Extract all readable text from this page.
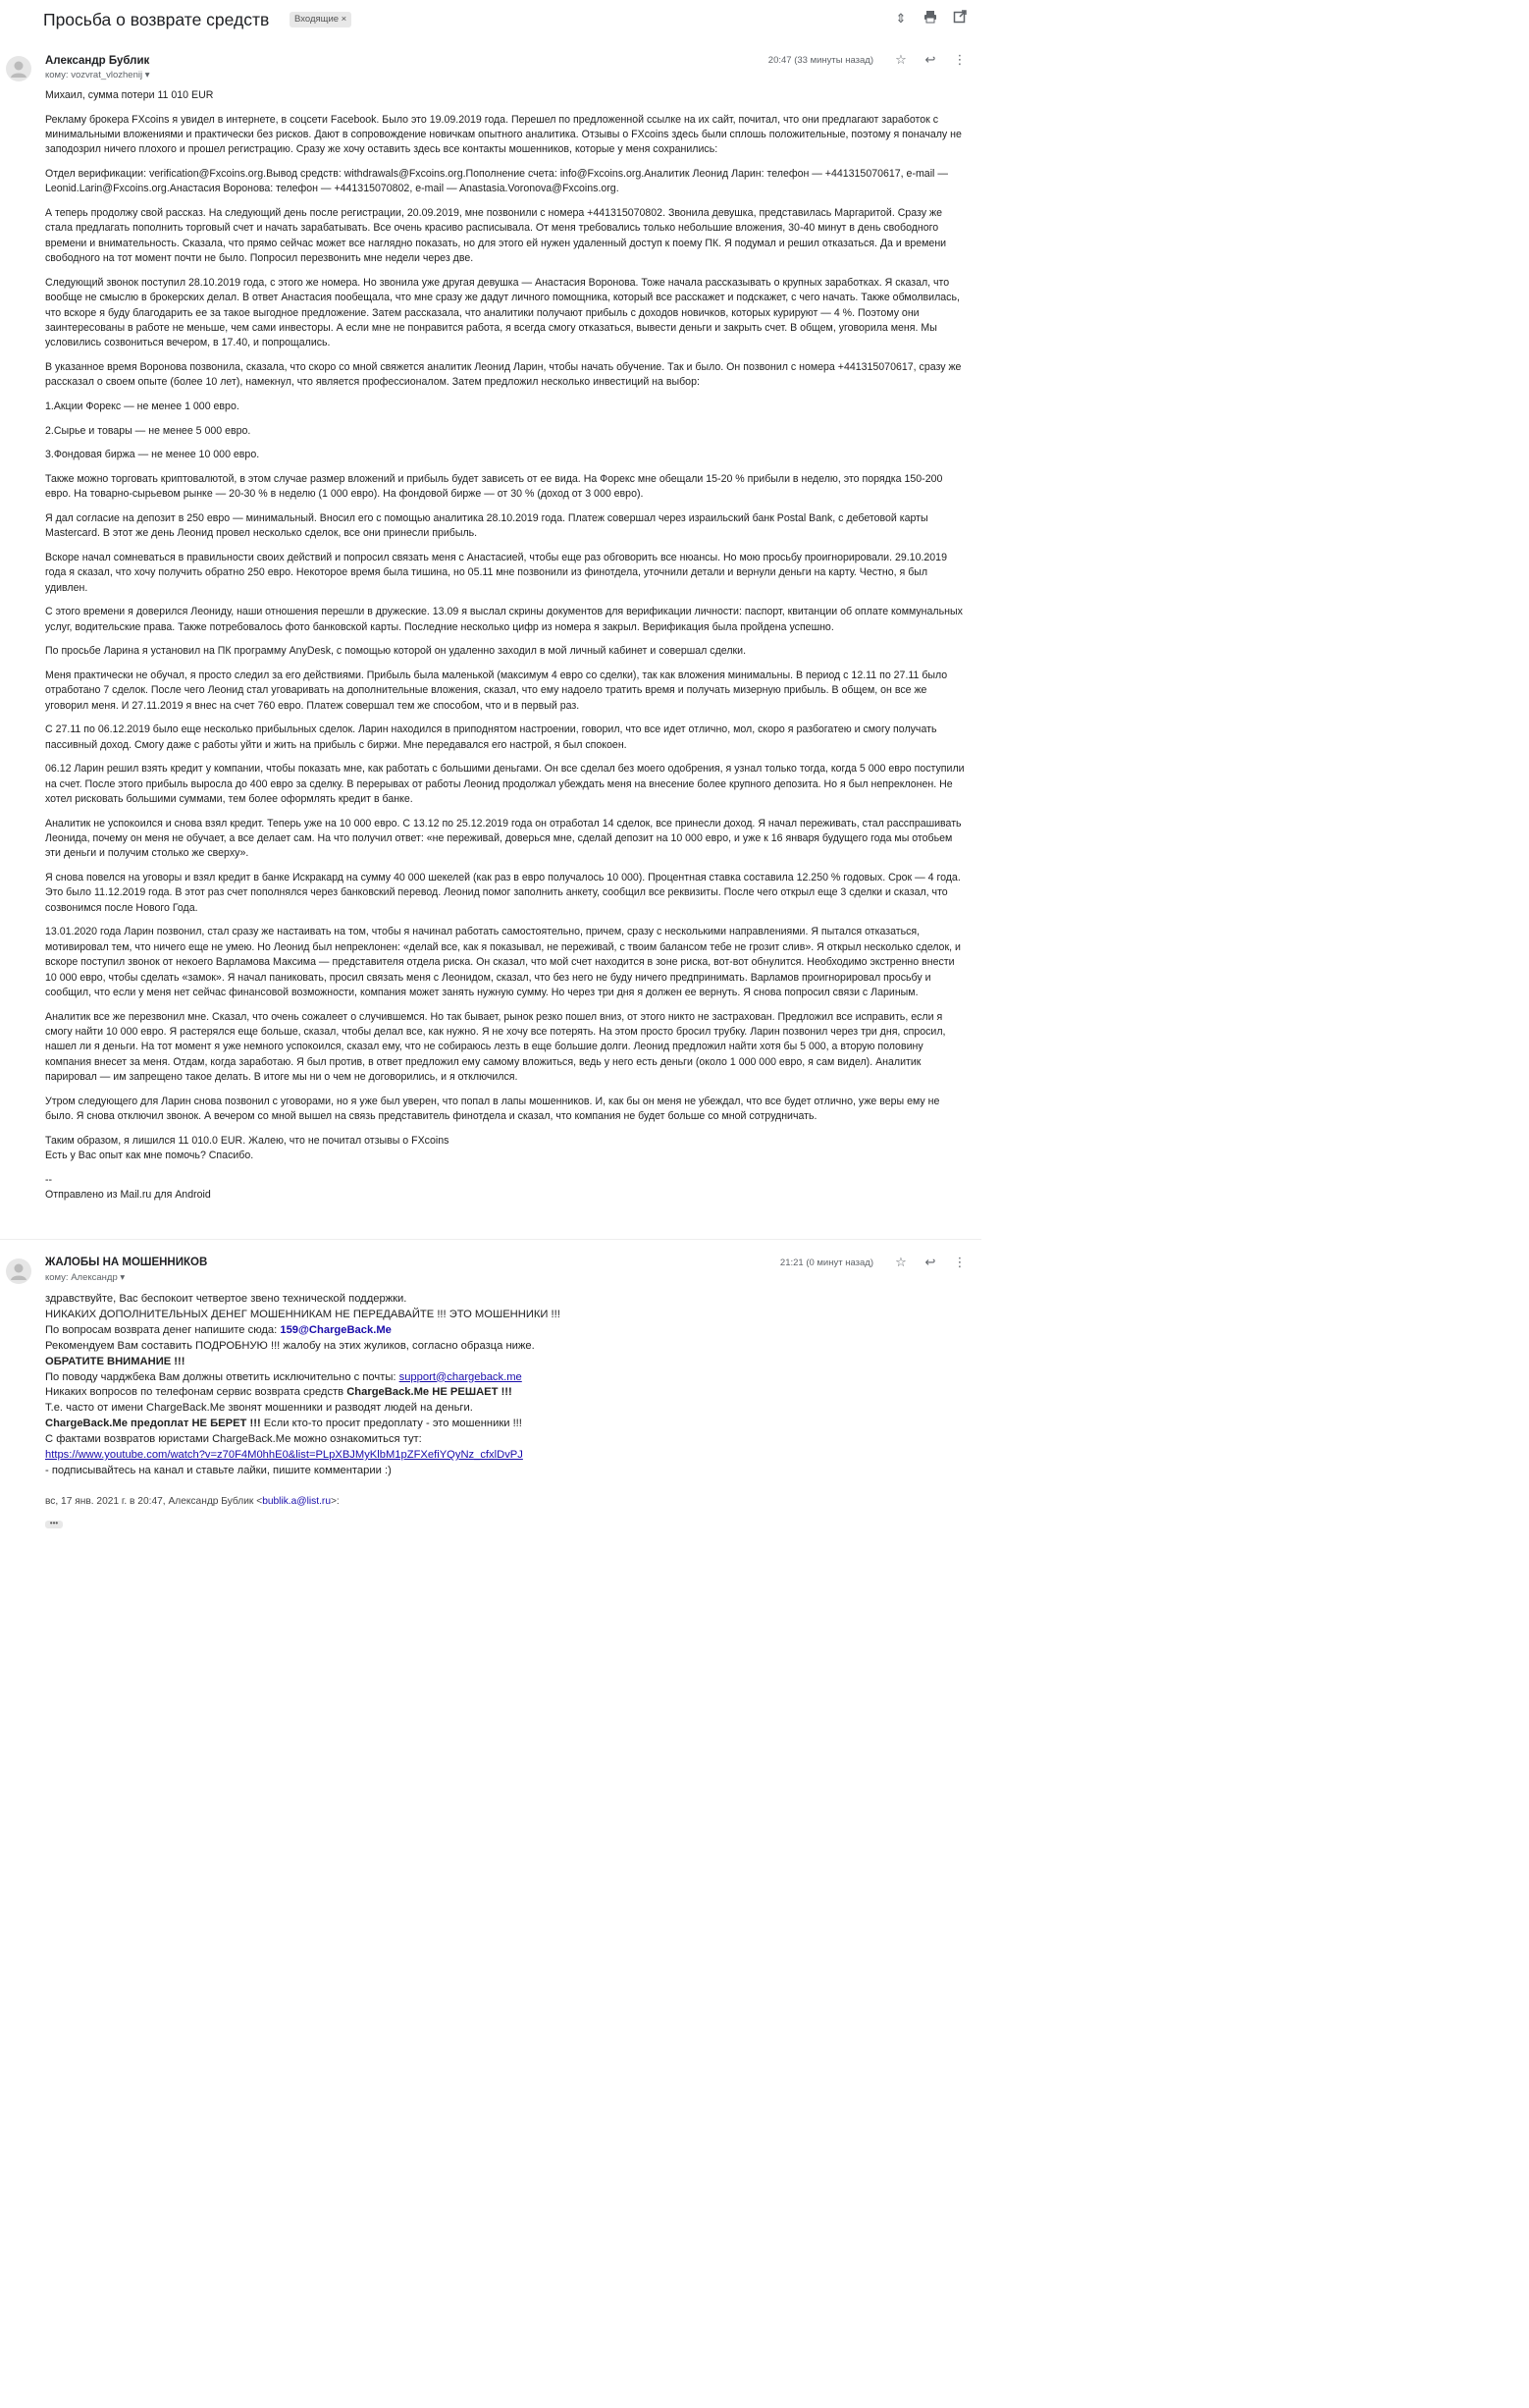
Просьба о возврате средств	Входящие ×	⇕
Александр Бублик
кому: vozvrat_vlozhenij ▾
20:47 (33 минуты назад) ☆ ↩ ⋮

Михаил, сумма потери 11 010 EUR

Рекламу брокера FXcoins я увидел в интернете, в соцсети Facebook. Было это 19.09.2019 года. Перешел по предложенной ссылке на их сайт, почитал, что они предлагают заработок с минимальными вложениями и практически без рисков. Дают в сопровождение новичкам опытного аналитика. Отзывы о FXcoins здесь были сплошь положительные, поэтому я поначалу не заподозрил ничего плохого и прошел регистрацию. Сразу же хочу оставить здесь все контакты мошенников, которые у меня сохранились:

Отдел верификации: verification@Fxcoins.org.Вывод средств: withdrawals@Fxcoins.org.Пополнение счета: info@Fxcoins.org.Аналитик Леонид Ларин: телефон — +441315070617, e-mail — Leonid.Larin@Fxcoins.org.Анастасия Воронова: телефон — +441315070802, e-mail — Anastasia.Voronova@Fxcoins.org.

А теперь продолжу свой рассказ. На следующий день после регистрации, 20.09.2019, мне позвонили с номера +441315070802. Звонила девушка, представилась Маргаритой. Сразу же стала предлагать пополнить торговый счет и начать зарабатывать. Все очень красиво расписывала. От меня требовались только небольшие вложения, 30-40 минут в день свободного времени и внимательность. Сказала, что прямо сейчас может все наглядно показать, но для этого ей нужен удаленный доступ к поему ПК. Я подумал и решил отказаться. Да и времени свободного на тот момент почти не было. Попросил перезвонить мне недели через две.

Следующий звонок поступил 28.10.2019 года, с этого же номера. Но звонила уже другая девушка — Анастасия Воронова. Тоже начала рассказывать о крупных заработках. Я сказал, что вообще не смыслю в брокерских делал. В ответ Анастасия пообещала, что мне сразу же дадут личного помощника, который все расскажет и подскажет, с чего начать. Также обмолвилась, что вскоре я буду благодарить ее за такое выгодное предложение. Затем рассказала, что аналитики получают прибыль с доходов новичков, которых курируют — 4 %. Поэтому они заинтересованы в работе не меньше, чем сами инвесторы. А если мне не понравится работа, я всегда смогу отказаться, вывести деньги и закрыть счет. В общем, уговорила меня. Мы условились созвониться вечером, в 17.40, и попрощались.

В указанное время Воронова позвонила, сказала, что скоро со мной свяжется аналитик Леонид Ларин, чтобы начать обучение. Так и было. Он позвонил с номера +441315070617, сразу же рассказал о своем опыте (более 10 лет), намекнул, что является профессионалом. Затем предложил несколько инвестиций на выбор:

1.Акции Форекс — не менее 1 000 евро.

2.Сырье и товары — не менее 5 000 евро.

3.Фондовая биржа — не менее 10 000 евро.

Также можно торговать криптовалютой, в этом случае размер вложений и прибыль будет зависеть от ее вида. На Форекс мне обещали 15-20 % прибыли в неделю, это порядка 150-200 евро. На товарно-сырьевом рынке — 20-30 % в неделю (1 000 евро). На фондовой бирже — от 30 % (доход от 3 000 евро).

Я дал согласие на депозит в 250 евро — минимальный. Вносил его с помощью аналитика 28.10.2019 года. Платеж совершал через израильский банк Postal Bank, с дебетовой карты Mastercard. В этот же день Леонид провел несколько сделок, все они принесли прибыль.

Вскоре начал сомневаться в правильности своих действий и попросил связать меня с Анастасией, чтобы еще раз обговорить все нюансы. Но мою просьбу проигнорировали. 29.10.2019 года я сказал, что хочу получить обратно 250 евро. Некоторое время была тишина, но 05.11 мне позвонили из финотдела, уточнили детали и вернули деньги на карту. Честно, я был удивлен.

С этого времени я доверился Леониду, наши отношения перешли в дружеские. 13.09 я выслал скрины документов для верификации личности: паспорт, квитанции об оплате коммунальных услуг, водительские права. Также потребовалось фото банковской карты. Последние несколько цифр из номера я закрыл. Верификация была пройдена успешно.

По просьбе Ларина я установил на ПК программу AnyDesk, с помощью которой он удаленно заходил в мой личный кабинет и совершал сделки.

Меня практически не обучал, я просто следил за его действиями. Прибыль была маленькой (максимум 4 евро со сделки), так как вложения минимальны. В период с 12.11 по 27.11 было отработано 7 сделок. После чего Леонид стал уговаривать на дополнительные вложения, сказал, что ему надоело тратить время и получать мизерную прибыль. В общем, он все же уговорил меня. И 27.11.2019 я внес на счет 760 евро. Платеж совершал тем же способом, что и в первый раз.

С 27.11 по 06.12.2019 было еще несколько прибыльных сделок. Ларин находился в приподнятом настроении, говорил, что все идет отлично, мол, скоро я разбогатею и смогу получать пассивный доход. Смогу даже с работы уйти и жить на прибыль с биржи. Мне передавался его настрой, я был спокоен.

06.12 Ларин решил взять кредит у компании, чтобы показать мне, как работать с большими деньгами. Он все сделал без моего одобрения, я узнал только тогда, когда 5 000 евро поступили на счет. После этого прибыль выросла до 400 евро за сделку. В перерывах от работы Леонид продолжал убеждать меня на внесение более крупного депозита. Но я был непреклонен. Не хотел рисковать большими суммами, тем более оформлять кредит в банке.

Аналитик не успокоился и снова взял кредит. Теперь уже на 10 000 евро. С 13.12 по 25.12.2019 года он отработал 14 сделок, все принесли доход. Я начал переживать, стал расспрашивать Леонида, почему он меня не обучает, а все делает сам. На что получил ответ: «не переживай, доверься мне, сделай депозит на 10 000 евро, и уже к 16 января будущего года мы отобьем эти деньги и получим столько же сверху».

Я снова повелся на уговоры и взял кредит в банке Искракард на сумму 40 000 шекелей (как раз в евро получалось 10 000). Процентная ставка составила 12.250 % годовых. Срок — 4 года. Это было 11.12.2019 года. В этот раз счет пополнялся через банковский перевод. Леонид помог заполнить анкету, сообщил все реквизиты. После чего открыл еще 3 сделки и сказал, что созвонимся после Нового Года.

13.01.2020 года Ларин позвонил, стал сразу же настаивать на том, чтобы я начинал работать самостоятельно, причем, сразу с несколькими направлениями. Я пытался отказаться, мотивировал тем, что ничего еще не умею. Но Леонид был непреклонен: «делай все, как я показывал, не переживай, с твоим балансом тебе не грозит слив». Я открыл несколько сделок, и вскоре поступил звонок от некоего Варламова Максима — представителя отдела риска. Он сказал, что мой счет находится в зоне риска, вот-вот обнулится. Необходимо экстренно внести 10 000 евро, чтобы сделать «замок». Я начал паниковать, просил связать меня с Леонидом, сказал, что без него не буду ничего предпринимать. Варламов проигнорировал просьбу и сообщил, что если у меня нет сейчас финансовой возможности, компания может занять нужную сумму. Но через три дня я должен ее вернуть. Я снова попросил связи с Лариным.

Аналитик все же перезвонил мне. Сказал, что очень сожалеет о случившемся. Но так бывает, рынок резко пошел вниз, от этого никто не застрахован. Предложил все исправить, если я смогу найти 10 000 евро. Я растерялся еще больше, сказал, чтобы делал все, как нужно. Я не хочу все потерять. На этом просто бросил трубку. Ларин позвонил через три дня, спросил, нашел ли я деньги. На тот момент я уже немного успокоился, сказал ему, что не собираюсь лезть в еще большие долги. Леонид предложил найти хотя бы 5 000, а вторую половину компания внесет за меня. Отдам, когда заработаю. Я был против, в ответ предложил ему самому вложиться, ведь у него есть деньги (около 1 000 000 евро, я сам видел). Аналитик парировал — им запрещено такое делать. В итоге мы ни о чем не договорились, и я отключился.

Утром следующего для Ларин снова позвонил с уговорами, но я уже был уверен, что попал в лапы мошенников. И, как бы он меня не убеждал, что все будет отлично, уже веры ему не было. Я снова отключил звонок. А вечером со мной вышел на связь представитель финотдела и сказал, что компания не будет больше со мной сотрудничать.

Таким образом, я лишился 11 010.0 EUR. Жалею, что не почитал отзывы о FXcoins
Есть у Вас опыт как мне помочь? Спасибо.

--

Отправлено из Mail.ru для Android

ЖАЛОБЫ НА МОШЕННИКОВ
кому: Александр ▾
21:21 (0 минут назад) ☆ ↩ ⋮
здравствуйте, Вас беспокоит четвертое звено технической поддержки.
НИКАКИХ ДОПОЛНИТЕЛЬНЫХ ДЕНЕГ МОШЕННИКАМ НЕ ПЕРЕДАВАЙТЕ !!! ЭТО МОШЕННИКИ !!!
По вопросам возврата денег напишите сюда: 159@ChargeBack.Me
Рекомендуем Вам составить ПОДРОБНУЮ !!! жалобу на этих жуликов, согласно образца ниже.
ОБРАТИТЕ ВНИМАНИЕ !!!
По поводу чарджбека Вам должны ответить исключительно с почты: support@chargeback.me
Никаких вопросов по телефонам сервис возврата средств ChargeBack.Me НЕ РЕШАЕТ !!!
Т.е. часто от имени ChargeBack.Me звонят мошенники и разводят людей на деньги.
ChargeBack.Me предоплат НЕ БЕРЕТ !!! Если кто-то просит предоплату - это мошенники !!!
С фактами возвратов юристами ChargeBack.Me можно ознакомиться тут:
https://www.youtube.com/watch?v=z70F4M0hhE0&list=PLpXBJMyKlbM1pZFXefiYQyNz_cfxlDvPJ
- подписывайтесь на канал и ставьте лайки, пишите комментарии :)
вс, 17 янв. 2021 г. в 20:47, Александр Бублик <bublik.a@list.ru>:
•••
